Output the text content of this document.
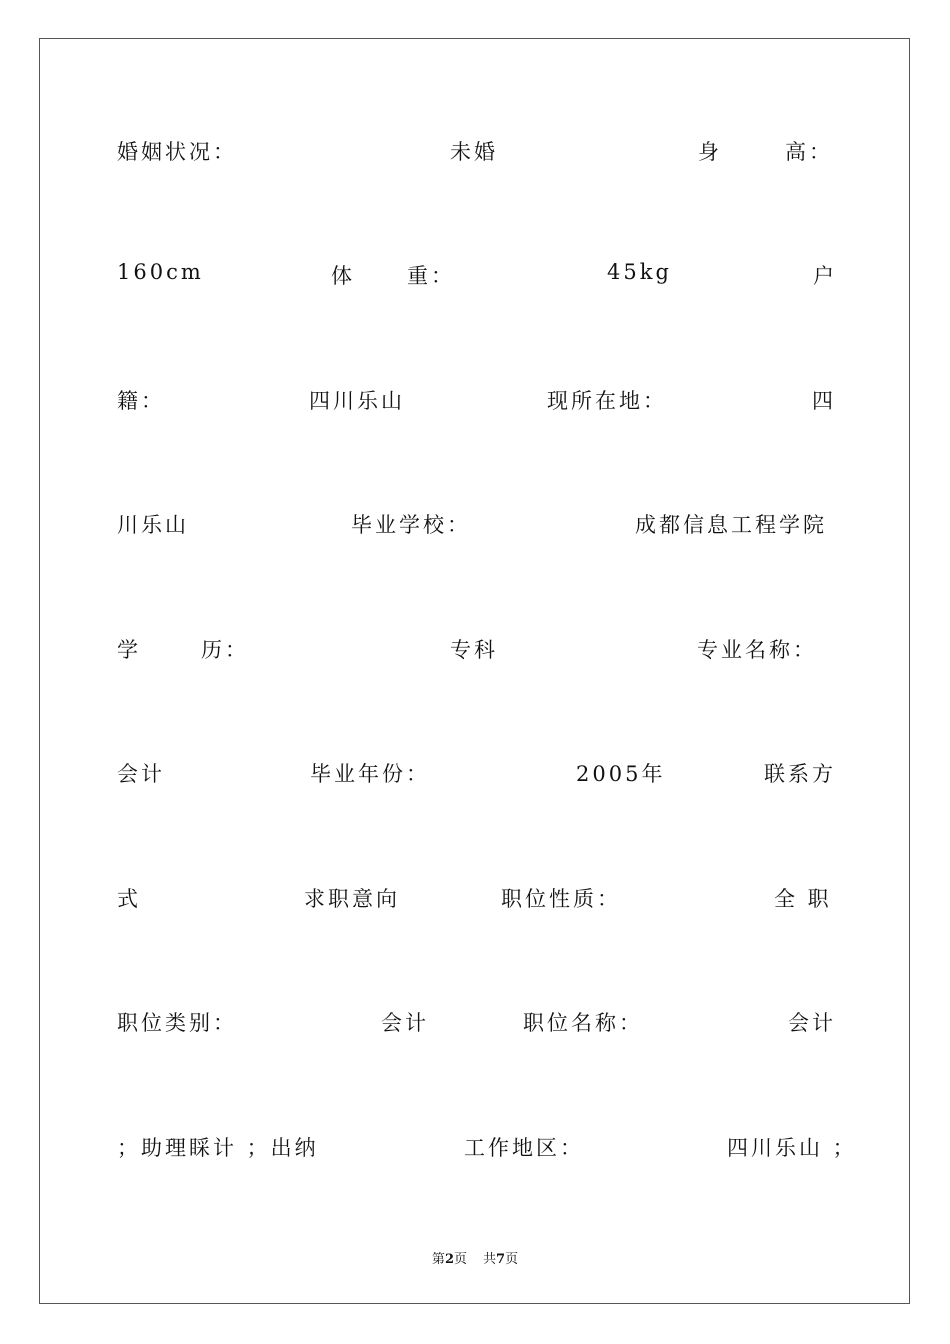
婚姻状况：	未婚	身	高：
160cm	体 重：	45kg	户
籍：	四川乐山	现所在地：	四
川乐山	毕业学校：	成都信息工程学院
学	历：	专科	专业名称：
会计	毕业年份：	2005年	联系方
式	求职意向	职位性质：	全 职
职位类别：	会计	职位名称：	会计
；助理睬计 ；出纳	工作地区：	四川乐山 ；
第2页 共7页
